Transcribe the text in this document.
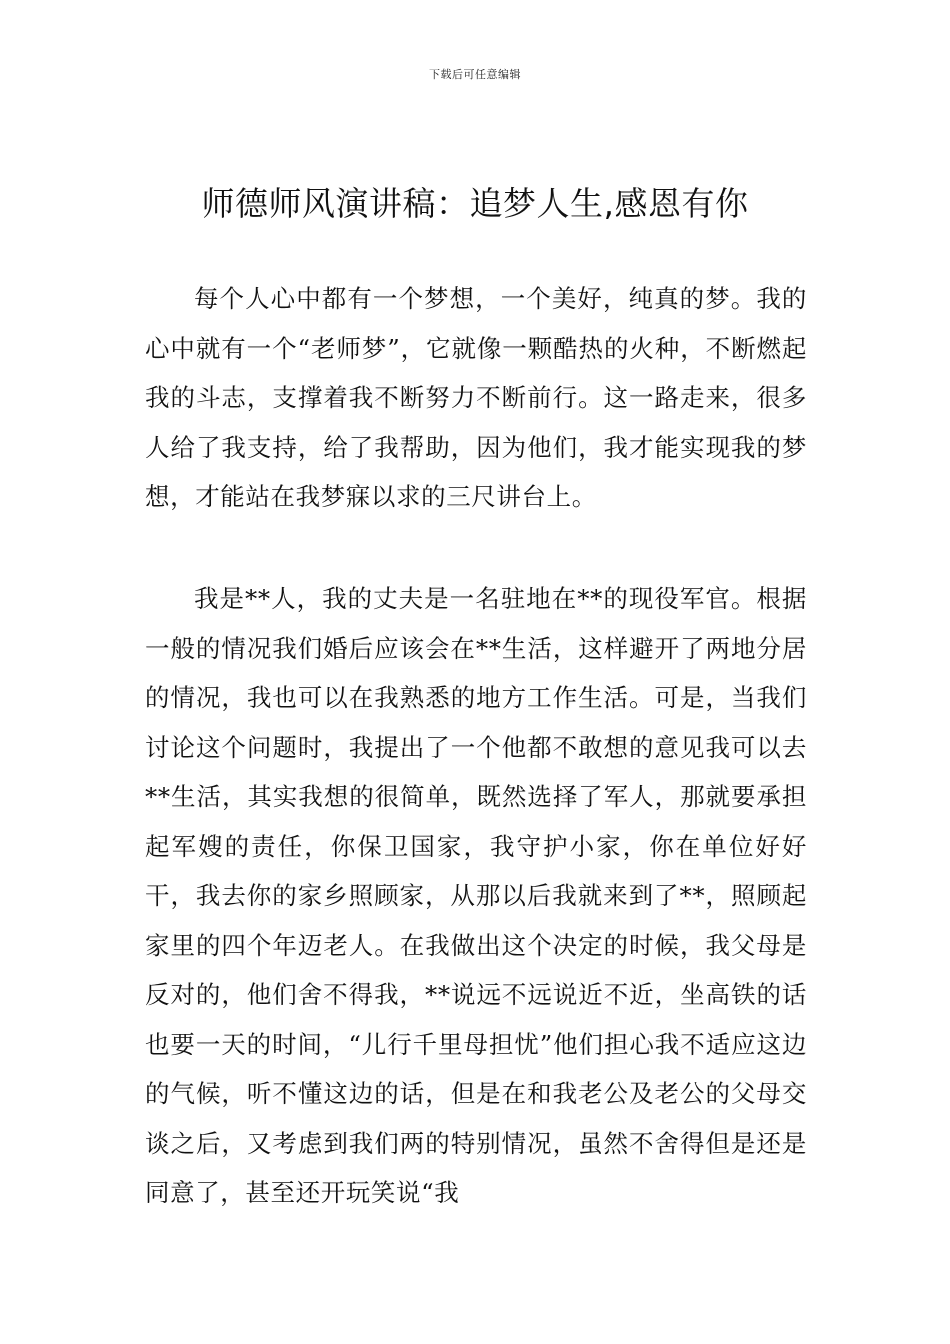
下载后可任意编辑
师德师风演讲稿：追梦人生,感恩有你

每个人心中都有一个梦想，一个美好，纯真的梦。我的心中就有一个“老师梦”，它就像一颗酷热的火种，不断燃起我的斗志，支撑着我不断努力不断前行。这一路走来，很多人给了我支持，给了我帮助，因为他们，我才能实现我的梦想，才能站在我梦寐以求的三尺讲台上。

我是**人，我的丈夫是一名驻地在**的现役军官。根据一般的情况我们婚后应该会在**生活，这样避开了两地分居的情况，我也可以在我熟悉的地方工作生活。可是，当我们讨论这个问题时，我提出了一个他都不敢想的意见我可以去**生活，其实我想的很简单，既然选择了军人，那就要承担起军嫂的责任，你保卫国家，我守护小家，你在单位好好干，我去你的家乡照顾家，从那以后我就来到了**，照顾起家里的四个年迈老人。在我做出这个决定的时候，我父母是反对的，他们舍不得我，**说远不远说近不近，坐高铁的话也要一天的时间，“儿行千里母担忧”他们担心我不适应这边的气候，听不懂这边的话，但是在和我老公及老公的父母交谈之后，又考虑到我们两的特别情况，虽然不舍得但是还是同意了，甚至还开玩笑说“我
